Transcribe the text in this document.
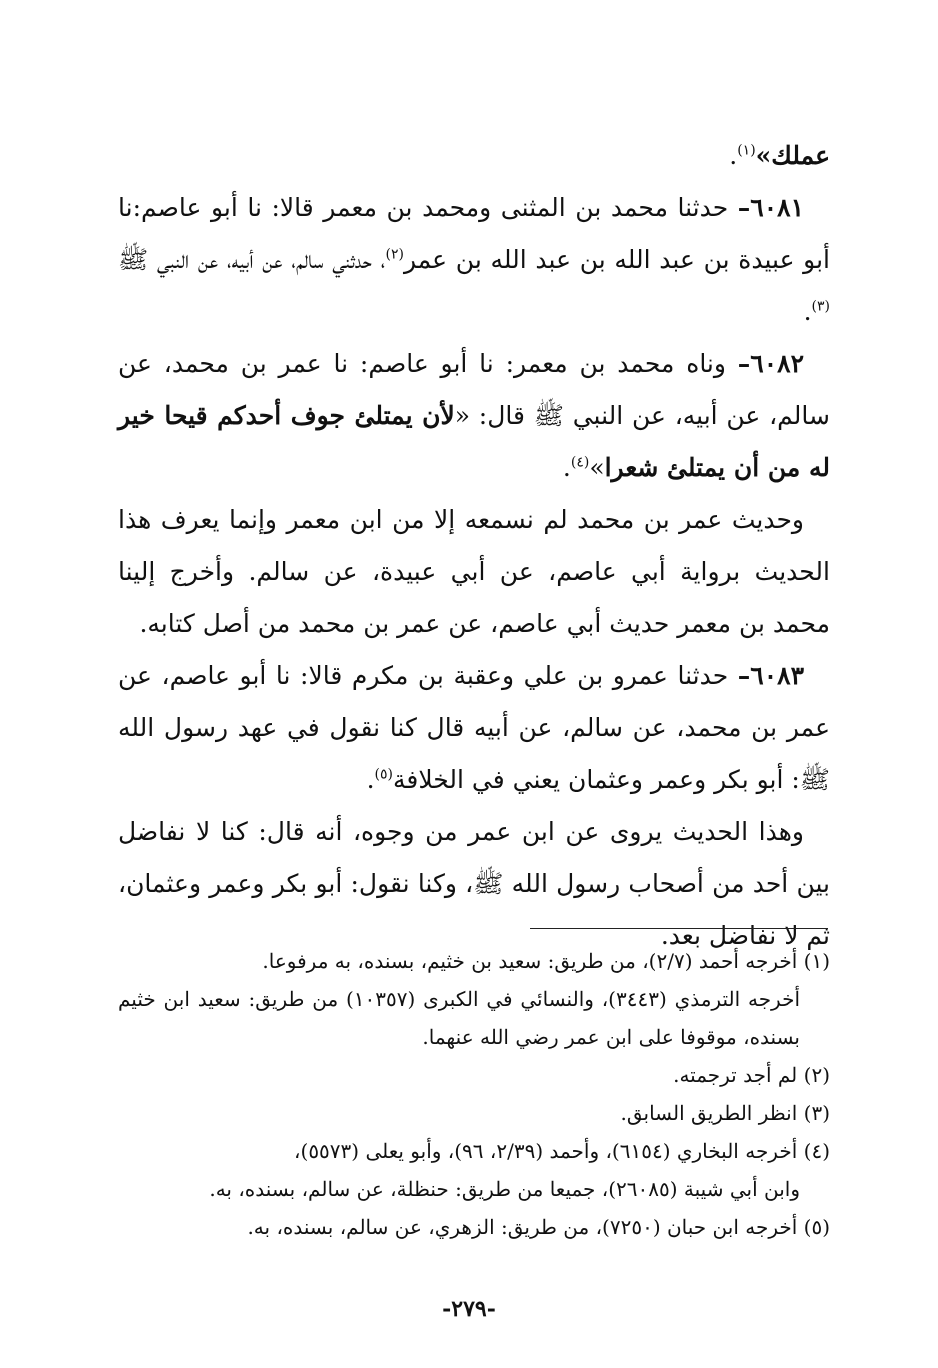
عملك»$^{(١)}$.

٦٠٨١– حدثنا محمد بن المثنى ومحمد بن معمر قالا: نا أبو عاصم:نا أبو عبيدة بن عبد الله بن عبد الله بن عمر$^{(٢)}$، حدثني سالم، عن أبيه، عن النبي ﷺ $^{(٣)}$.

٦٠٨٢– وناه محمد بن معمر: نا أبو عاصم: نا عمر بن محمد، عن سالم، عن أبيه، عن النبي ﷺ قال: «لأن يمتلئ جوف أحدكم قيحا خير له من أن يمتلئ شعرا»$^{(٤)}$.

وحديث عمر بن محمد لم نسمعه إلا من ابن معمر وإنما يعرف هذا الحديث برواية أبي عاصم، عن أبي عبيدة، عن سالم. وأخرج إلينا محمد بن معمر حديث أبي عاصم، عن عمر بن محمد من أصل كتابه.

٦٠٨٣– حدثنا عمرو بن علي وعقبة بن مكرم قالا: نا أبو عاصم، عن عمر بن محمد، عن سالم، عن أبيه قال كنا نقول في عهد رسول الله ﷺ: أبو بكر وعمر وعثمان يعني في الخلافة$^{(٥)}$.

وهذا الحديث يروى عن ابن عمر من وجوه، أنه قال: كنا لا نفاضل بين أحد من أصحاب رسول الله ﷺ، وكنا نقول: أبو بكر وعمر وعثمان، ثم لا نفاضل بعد.

(١) أخرجه أحمد (٢/٧)، من طريق: سعيد بن خثيم، بسنده، به مرفوعا.

أخرجه الترمذي (٣٤٤٣)، والنسائي في الكبرى (١٠٣٥٧) من طريق: سعيد ابن خثيم بسنده، موقوفا على ابن عمر رضي الله عنهما.

(٢) لم أجد ترجمته.

(٣) انظر الطريق السابق.

(٤) أخرجه البخاري (٦١٥٤)، وأحمد (٢/٣٩، ٩٦)، وأبو يعلى (٥٥٧٣)،

وابن أبي شيبة (٢٦٠٨٥)، جميعا من طريق: حنظلة، عن سالم، بسنده، به.

(٥) أخرجه ابن حبان (٧٢٥٠)، من طريق: الزهري، عن سالم، بسنده، به.

-٢٧٩-
